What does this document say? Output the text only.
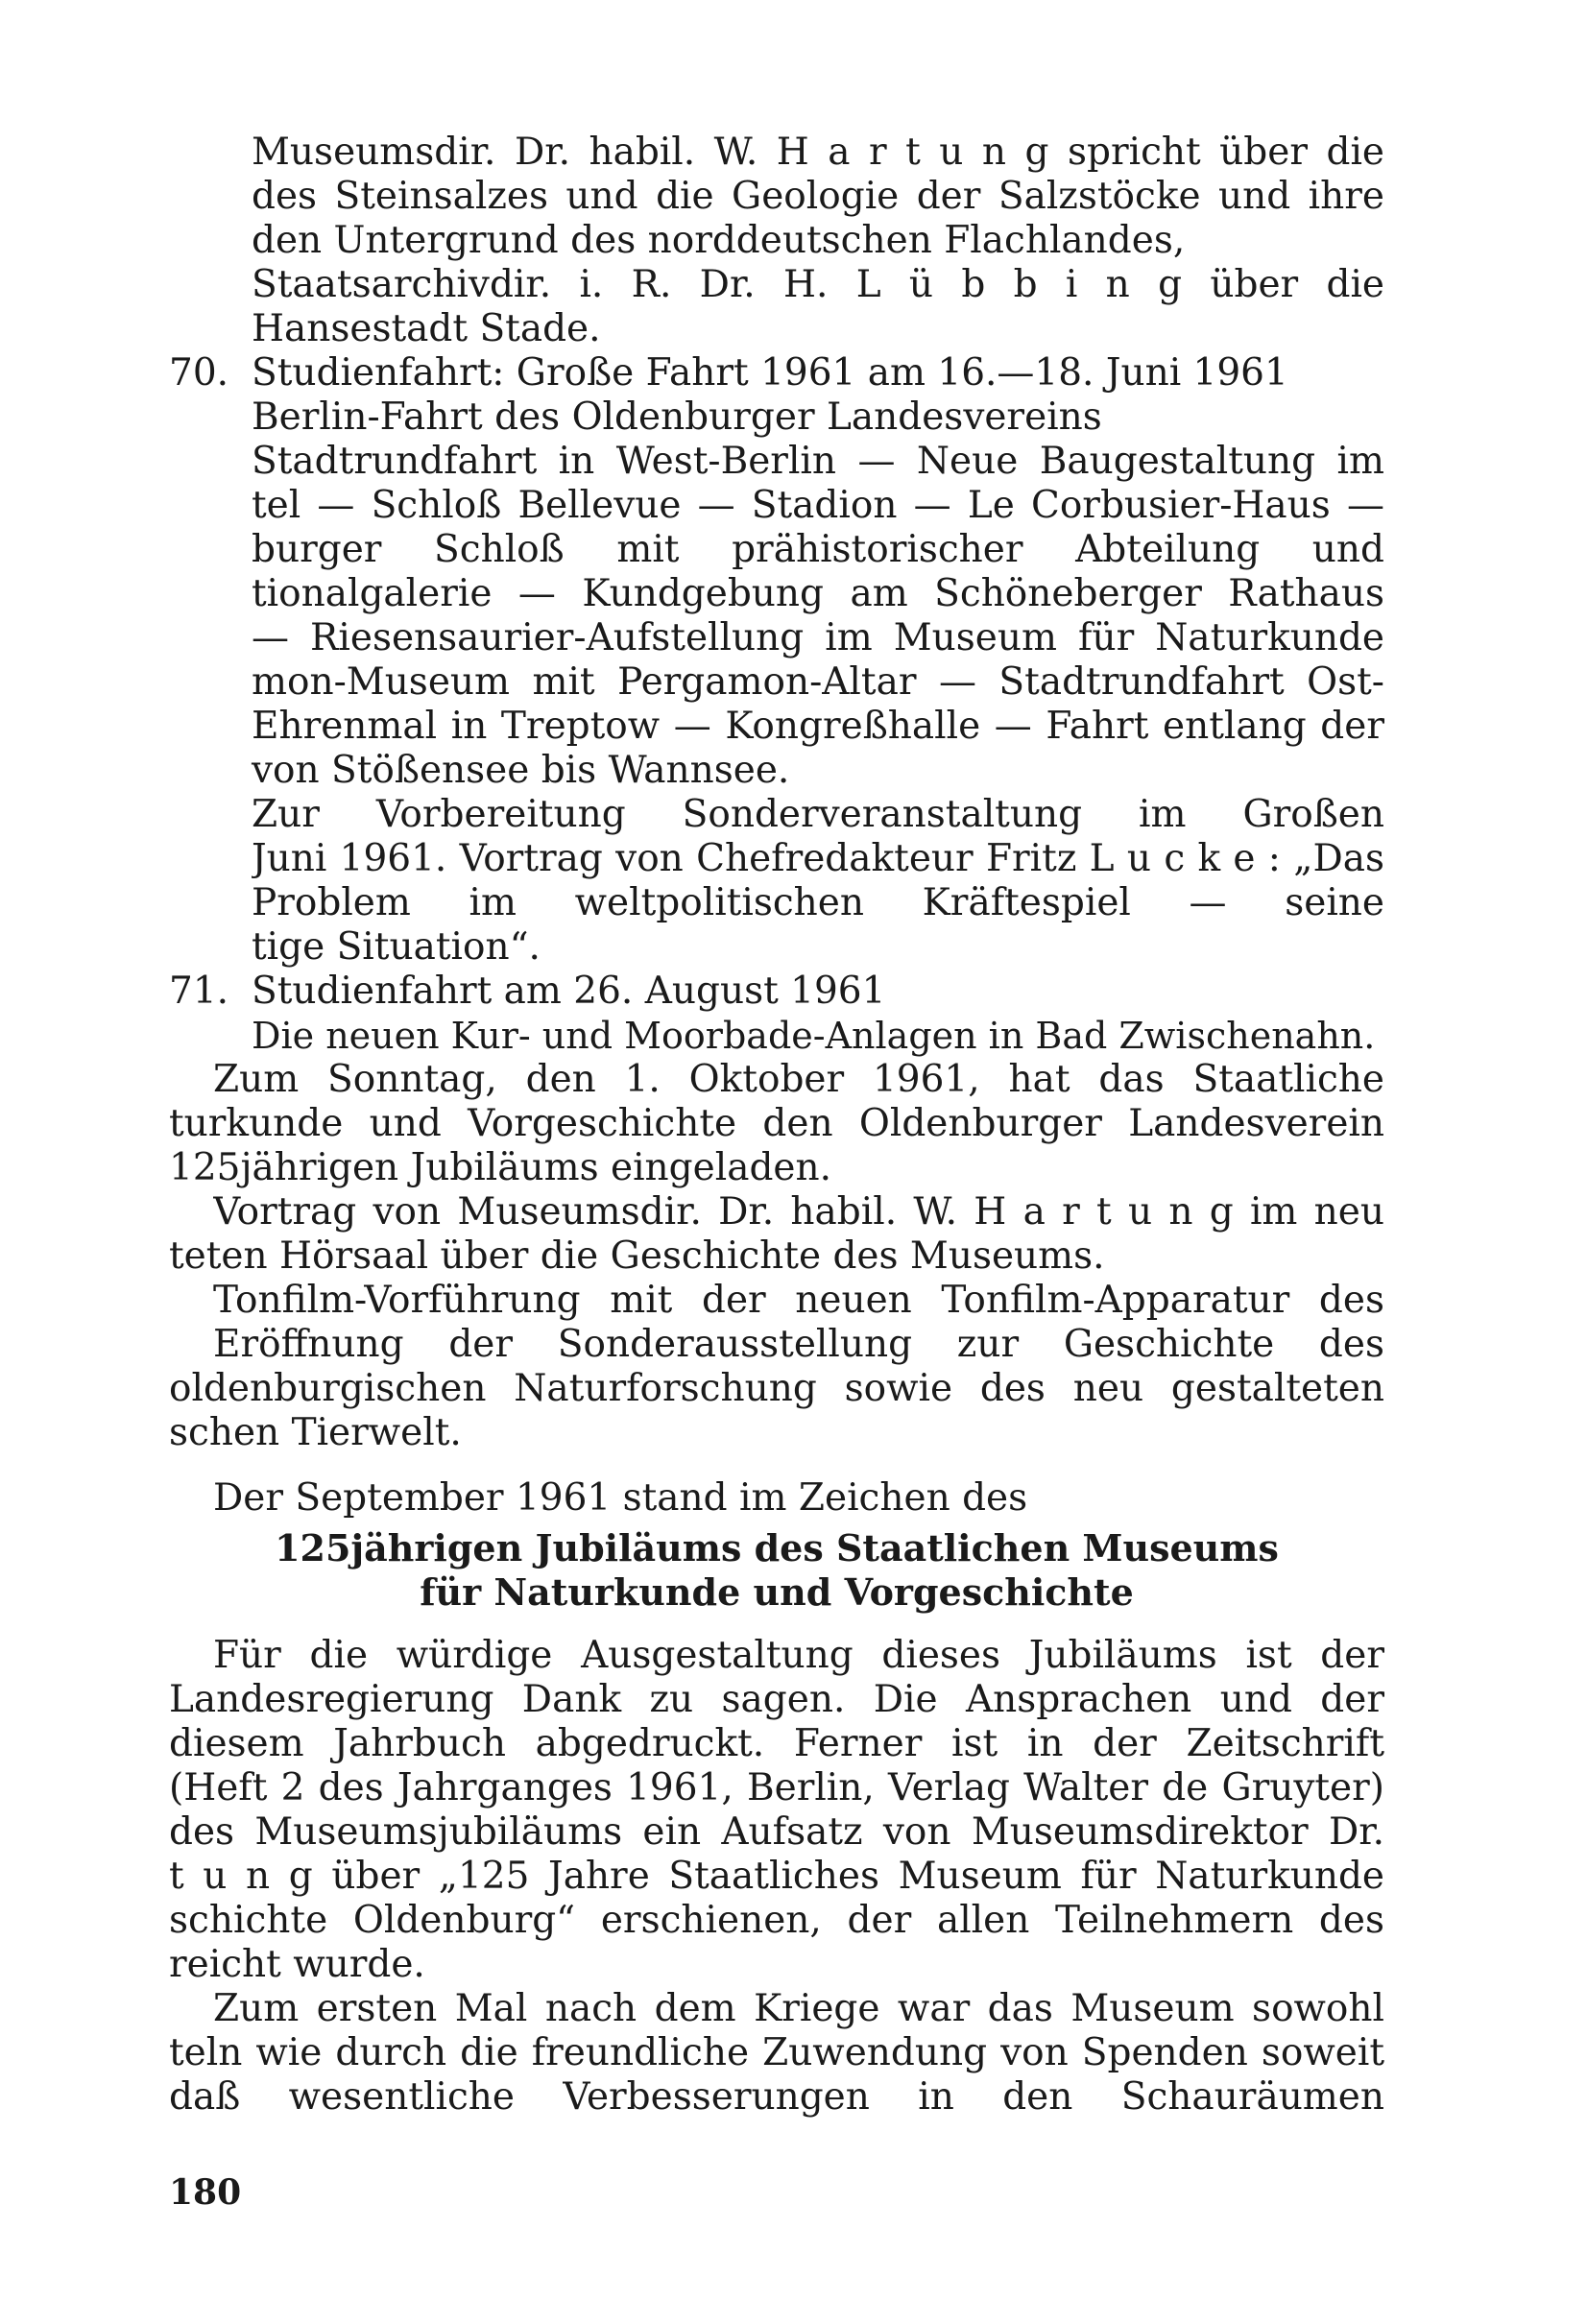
Museumsdir. Dr. habil. W. H a r t u n g spricht über die
des Steinsalzes und die Geologie der Salzstöcke und ihre
den Untergrund des norddeutschen Flachlandes,
Staatsarchivdir. i. R. Dr. H. L ü b b i n g über die
Hansestadt Stade.
70. Studienfahrt: Große Fahrt 1961 am 16.—18. Juni 1961
Berlin-Fahrt des Oldenburger Landesvereins
Stadtrundfahrt in West-Berlin — Neue Baugestaltung im
tel — Schloß Bellevue — Stadion — Le Corbusier-Haus —
burger Schloß mit prähistorischer Abteilung und
tionalgalerie — Kundgebung am Schöneberger Rathaus
— Riesensaurier-Aufstellung im Museum für Naturkunde
mon-Museum mit Pergamon-Altar — Stadtrundfahrt Ost-
Ehrenmal in Treptow — Kongreßhalle — Fahrt entlang der
von Stößensee bis Wannsee.
Zur Vorbereitung Sonderveranstaltung im Großen
Juni 1961. Vortrag von Chefredakteur Fritz L u c k e : „Das
Problem im weltpolitischen Kräftespiel — seine
tige Situation“.
71. Studienfahrt am 26. August 1961
Die neuen Kur- und Moorbade-Anlagen in Bad Zwischenahn.
Zum Sonntag, den 1. Oktober 1961, hat das Staatliche
turkunde und Vorgeschichte den Oldenburger Landesverein
125jährigen Jubiläums eingeladen.
Vortrag von Museumsdir. Dr. habil. W. H a r t u n g im neu
teten Hörsaal über die Geschichte des Museums.
Tonfilm-Vorführung mit der neuen Tonfilm-Apparatur des
Eröffnung der Sonderausstellung zur Geschichte des
oldenburgischen Naturforschung sowie des neu gestalteten
schen Tierwelt.
Der September 1961 stand im Zeichen des
125jährigen Jubiläums des Staatlichen Museums
für Naturkunde und Vorgeschichte
Für die würdige Ausgestaltung dieses Jubiläums ist der
Landesregierung Dank zu sagen. Die Ansprachen und der
diesem Jahrbuch abgedruckt. Ferner ist in der Zeitschrift
(Heft 2 des Jahrganges 1961, Berlin, Verlag Walter de Gruyter)
des Museumsjubiläums ein Aufsatz von Museumsdirektor Dr.
t u n g über „125 Jahre Staatliches Museum für Naturkunde
schichte Oldenburg“ erschienen, der allen Teilnehmern des
reicht wurde.
Zum ersten Mal nach dem Kriege war das Museum sowohl
teln wie durch die freundliche Zuwendung von Spenden soweit
daß wesentliche Verbesserungen in den Schauräumen
180
